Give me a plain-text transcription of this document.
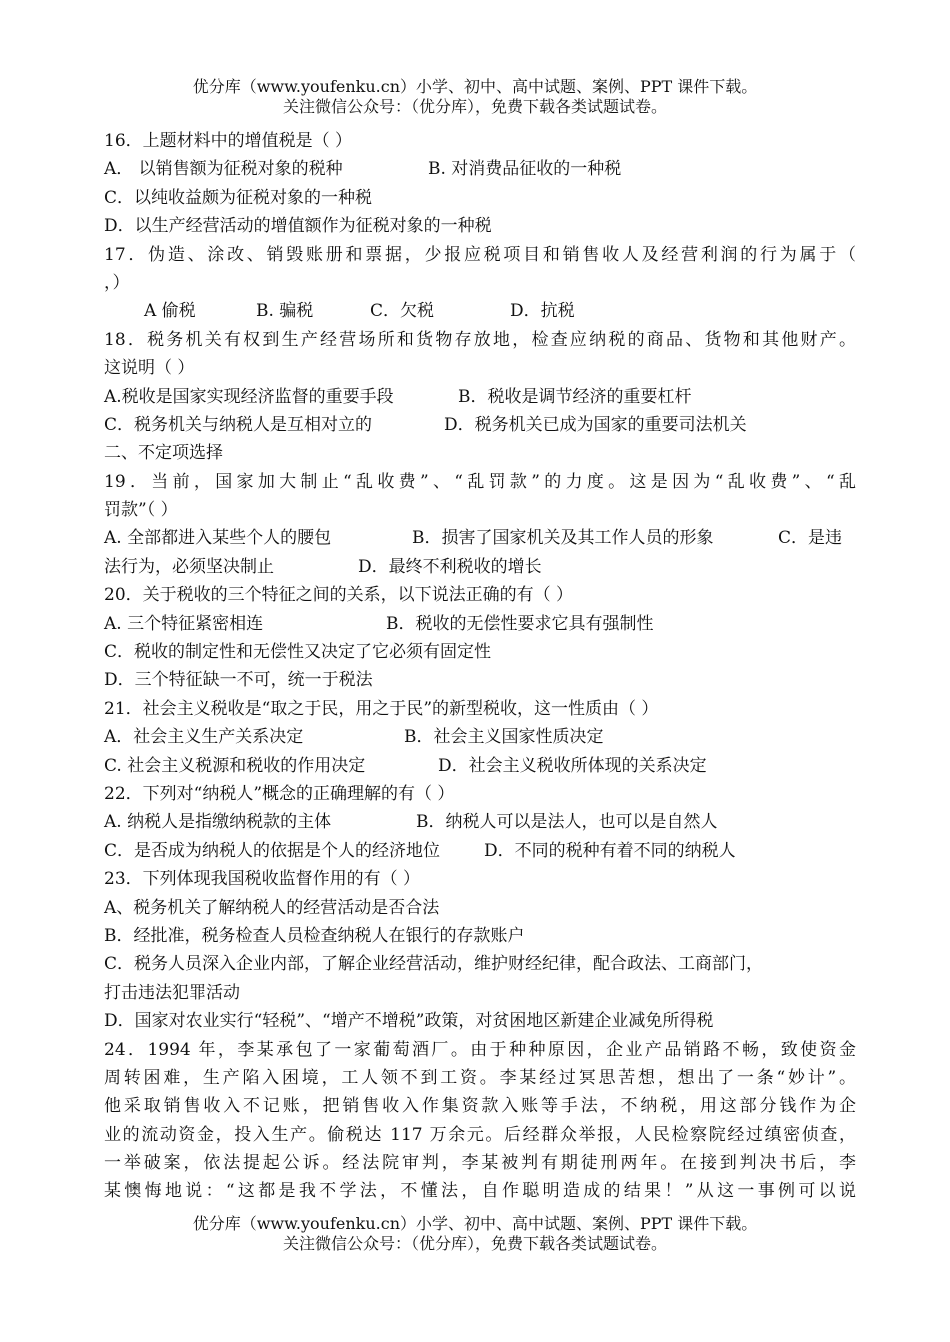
优分库（www.youfenku.cn）小学、初中、高中试题、案例、PPT 课件下载。
关注微信公众号：（优分库），免费下载各类试题试卷。
16．上题材料中的增值税是（ ）
A． 以销售额为征税对象的税种	B. 对消费品征收的一种税
C．以纯收益颇为征税对象的一种税
D．以生产经营活动的增值额作为征税对象的一种税
17．伪造、涂改、销毁账册和票据，少报应税项目和销售收人及经营利润的行为属于（
，）
A 偷税	B. 骗税	C．欠税	D．抗税
18．税务机关有权到生产经营场所和货物存放地，检查应纳税的商品、货物和其他财产。
这说明（ ）
A.税收是国家实现经济监督的重要手段	B．税收是调节经济的重要杠杆
C．税务机关与纳税人是互相对立的	D．税务机关已成为国家的重要司法机关
二、不定项选择
19．当前，国家加大制止“乱收费”、“乱罚款”的力度。这是因为“乱收费”、“乱
罚款”（ ）
A. 全部都进入某些个人的腰包	B．损害了国家机关及其工作人员的形象	C．是违
法行为，必须坚决制止	D．最终不利税收的增长
20．关于税收的三个特征之间的关系，以下说法正确的有（ ）
A. 三个特征紧密相连	B．税收的无偿性要求它具有强制性
C．税收的制定性和无偿性又决定了它必须有固定性
D．三个特征缺一不可，统一于税法
21．社会主义税收是“取之于民，用之于民”的新型税收，这一性质由（ ）
A．社会主义生产关系决定	B．社会主义国家性质决定
C. 社会主义税源和税收的作用决定	D．社会主义税收所体现的关系决定
22．下列对“纳税人”概念的正确理解的有（ ）
A. 纳税人是指缴纳税款的主体	B．纳税人可以是法人，也可以是自然人
C．是否成为纳税人的依据是个人的经济地位	D．不同的税种有着不同的纳税人
23．下列体现我国税收监督作用的有（ ）
A、税务机关了解纳税人的经营活动是否合法
B．经批准，税务检查人员检查纳税人在银行的存款账户
C．税务人员深入企业内部，了解企业经营活动，维护财经纪律，配合政法、工商部门，
打击违法犯罪活动
D．国家对农业实行“轻税”、“增产不增税”政策，对贫困地区新建企业减免所得税
24．1994 年，李某承包了一家葡萄酒厂。由于种种原因，企业产品销路不畅，致使资金
周转困难，生产陷入困境，工人领不到工资。李某经过冥思苦想，想出了一条“妙计”。
他采取销售收入不记账，把销售收入作集资款入账等手法，不纳税，用这部分钱作为企
业的流动资金，投入生产。偷税达 117 万余元。后经群众举报，人民检察院经过缜密侦查，
一举破案，依法提起公诉。经法院审判，李某被判有期徒刑两年。在接到判决书后，李
某懊悔地说：“这都是我不学法，不懂法，自作聪明造成的结果！”从这一事例可以说
优分库（www.youfenku.cn）小学、初中、高中试题、案例、PPT 课件下载。
关注微信公众号：（优分库），免费下载各类试题试卷。
